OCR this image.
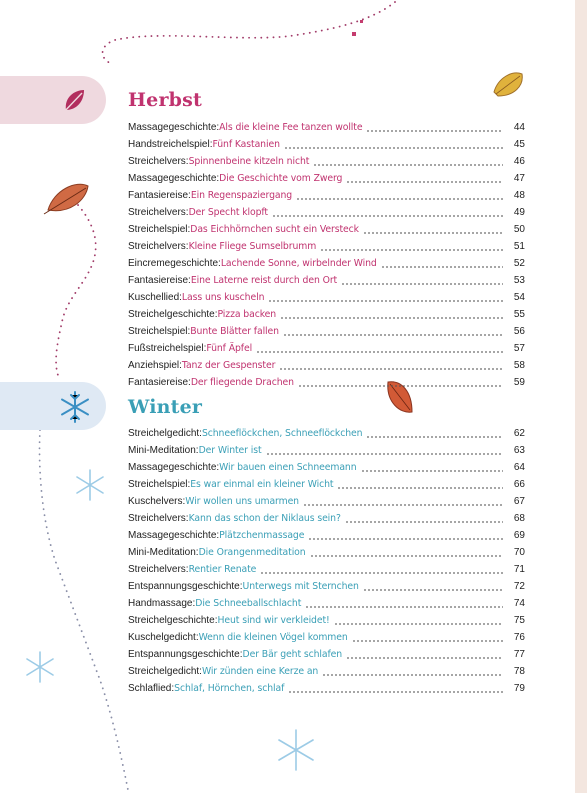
Herbst
Massagegeschichte: Als die kleine Fee tanzen wollte	44
Handstreichelspiel: Fünf Kastanien	45
Streichelvers: Spinnenbeine kitzeln nicht	46
Massagegeschichte: Die Geschichte vom Zwerg	47
Fantasiereise: Ein Regenspaziergang	48
Streichelvers: Der Specht klopft	49
Streichelspiel: Das Eichhörnchen sucht ein Versteck	50
Streichelvers: Kleine Fliege Sumselbrumm	51
Eincremegeschichte: Lachende Sonne, wirbelnder Wind	52
Fantasiereise: Eine Laterne reist durch den Ort	53
Kuschellied: Lass uns kuscheln	54
Streichelgeschichte: Pizza backen	55
Streichelspiel: Bunte Blätter fallen	56
Fußstreichelspiel: Fünf Äpfel	57
Anziehspiel: Tanz der Gespenster	58
Fantasiereise: Der fliegende Drachen	59
Winter
Streichelgedicht: Schneeflöckchen, Schneeflöckchen	62
Mini-Meditation: Der Winter ist	63
Massagegeschichte: Wir bauen einen Schneemann	64
Streichelspiel: Es war einmal ein kleiner Wicht	66
Kuschelvers: Wir wollen uns umarmen	67
Streichelvers: Kann das schon der Niklaus sein?	68
Massagegeschichte: Plätzchenmassage	69
Mini-Meditation: Die Orangenmeditation	70
Streichelvers: Rentier Renate	71
Entspannungsgeschichte: Unterwegs mit Sternchen	72
Handmassage: Die Schneeballschlacht	74
Streichelgeschichte: Heut sind wir verkleidet!	75
Kuschelgedicht: Wenn die kleinen Vögel kommen	76
Entspannungsgeschichte: Der Bär geht schlafen	77
Streichelgedicht: Wir zünden eine Kerze an	78
Schlaflied: Schlaf, Hörnchen, schlaf	79
